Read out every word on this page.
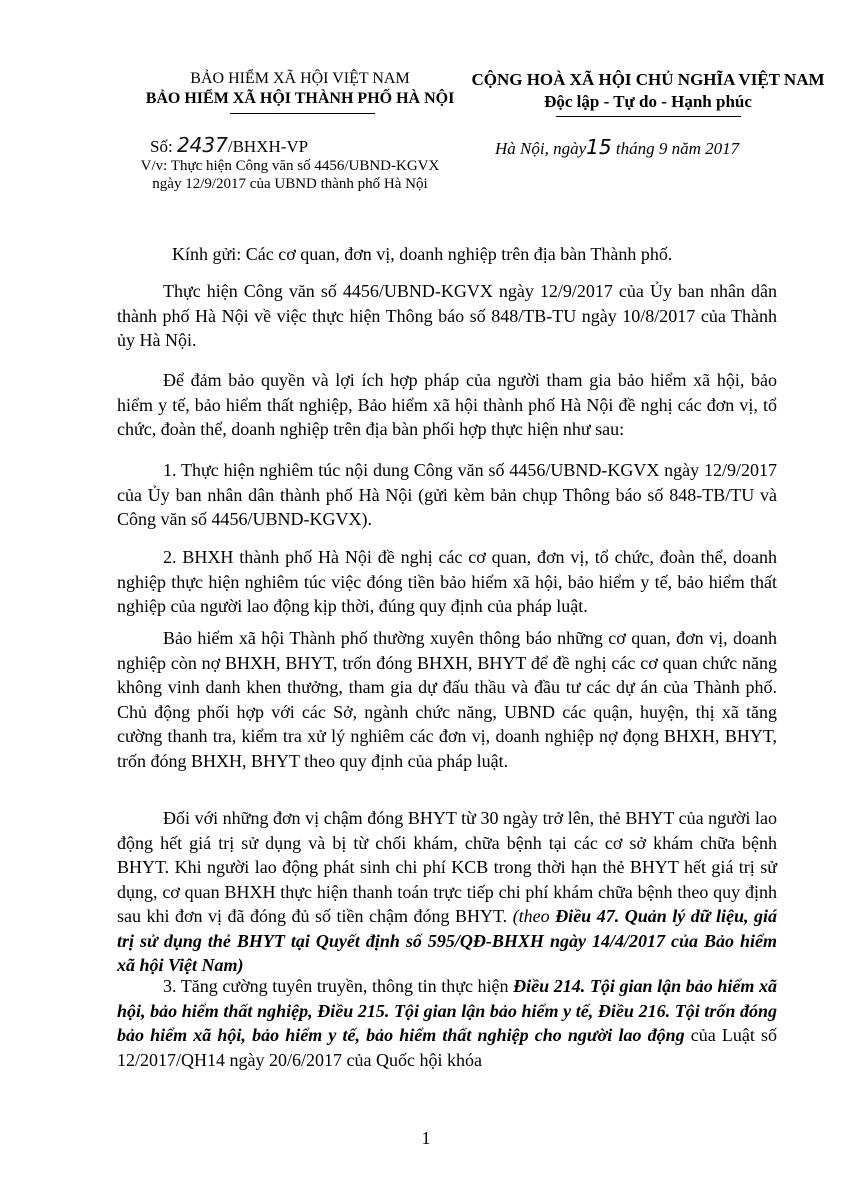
BẢO HIỂM XÃ HỘI VIỆT NAM
BẢO HIỂM XÃ HỘI THÀNH PHỐ HÀ NỘI
CỘNG HOÀ XÃ HỘI CHỦ NGHĨA VIỆT NAM
Độc lập - Tự do - Hạnh phúc
Số: 2437/BHXH-VP
V/v: Thực hiện Công văn số 4456/UBND-KGVX
ngày 12/9/2017 của UBND thành phố Hà Nội
Hà Nội, ngày15 tháng 9 năm 2017
Kính gửi: Các cơ quan, đơn vị, doanh nghiệp trên địa bàn Thành phố.

Thực hiện Công văn số 4456/UBND-KGVX ngày 12/9/2017 của Ủy ban nhân dân thành phố Hà Nội về việc thực hiện Thông báo số 848/TB-TU ngày 10/8/2017 của Thành ủy Hà Nội.

Để đảm bảo quyền và lợi ích hợp pháp của người tham gia bảo hiểm xã hội, bảo hiểm y tế, bảo hiểm thất nghiệp, Bảo hiểm xã hội thành phố Hà Nội đề nghị các đơn vị, tổ chức, đoàn thể, doanh nghiệp trên địa bàn phối hợp thực hiện như sau:

1. Thực hiện nghiêm túc nội dung Công văn số 4456/UBND-KGVX ngày 12/9/2017 của Ủy ban nhân dân thành phố Hà Nội (gửi kèm bản chụp Thông báo số 848-TB/TU và Công văn số 4456/UBND-KGVX).

2. BHXH thành phố Hà Nội đề nghị các cơ quan, đơn vị, tổ chức, đoàn thể, doanh nghiệp thực hiện nghiêm túc việc đóng tiền bảo hiểm xã hội, bảo hiểm y tế, bảo hiểm thất nghiệp của người lao động kịp thời, đúng quy định của pháp luật.

Bảo hiểm xã hội Thành phố thường xuyên thông báo những cơ quan, đơn vị, doanh nghiệp còn nợ BHXH, BHYT, trốn đóng BHXH, BHYT để đề nghị các cơ quan chức năng không vinh danh khen thưởng, tham gia dự đấu thầu và đầu tư các dự án của Thành phố. Chủ động phối hợp với các Sở, ngành chức năng, UBND các quận, huyện, thị xã tăng cường thanh tra, kiểm tra xử lý nghiêm các đơn vị, doanh nghiệp nợ đọng BHXH, BHYT, trốn đóng BHXH, BHYT theo quy định của pháp luật.

Đối với những đơn vị chậm đóng BHYT từ 30 ngày trở lên, thẻ BHYT của người lao động hết giá trị sử dụng và bị từ chối khám, chữa bệnh tại các cơ sở khám chữa bệnh BHYT. Khi người lao động phát sinh chi phí KCB trong thời hạn thẻ BHYT hết giá trị sử dụng, cơ quan BHXH thực hiện thanh toán trực tiếp chi phí khám chữa bệnh theo quy định sau khi đơn vị đã đóng đủ số tiền chậm đóng BHYT. (theo Điều 47. Quản lý dữ liệu, giá trị sử dụng thẻ BHYT tại Quyết định số 595/QĐ-BHXH ngày 14/4/2017 của Bảo hiểm xã hội Việt Nam)

3. Tăng cường tuyên truyền, thông tin thực hiện Điều 214. Tội gian lận bảo hiểm xã hội, bảo hiểm thất nghiệp, Điều 215. Tội gian lận bảo hiểm y tế, Điều 216. Tội trốn đóng bảo hiểm xã hội, bảo hiểm y tế, bảo hiểm thất nghiệp cho người lao động của Luật số 12/2017/QH14 ngày 20/6/2017 của Quốc hội khóa

1
